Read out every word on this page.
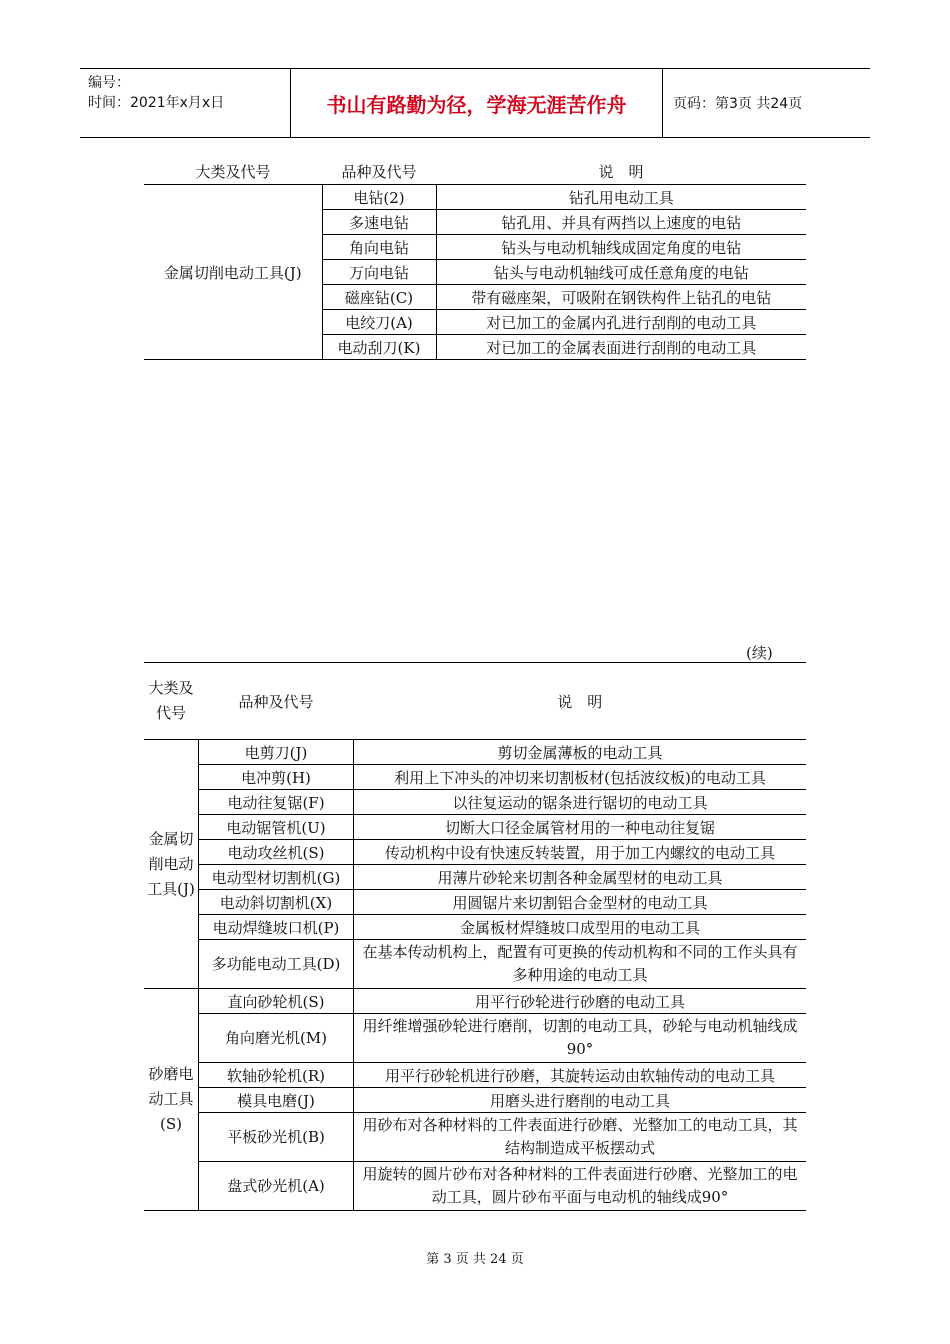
编号：
时间：2021年x月x日	书山有路勤为径，学海无涯苦作舟	页码：第3页 共24页
大类及代号	品种及代号	说　明
金属切削电动工具(J)	电钻(2)	钻孔用电动工具
	多速电钻	钻孔用、并具有两挡以上速度的电钻
	角向电钻	钻头与电动机轴线成固定角度的电钻
	万向电钻	钻头与电动机轴线可成任意角度的电钻
	磁座钻(C)	带有磁座架，可吸附在钢铁构件上钻孔的电钻
	电绞刀(A)	对已加工的金属内孔进行刮削的电动工具
	电动刮刀(K)	对已加工的金属表面进行刮削的电动工具
(续)
大类及代号	品种及代号	说　明

金属切削电动工具(J)	电剪刀(J)	剪切金属薄板的电动工具
	电冲剪(H)	利用上下冲头的冲切来切割板材(包括波纹板)的电动工具
	电动往复锯(F)	以往复运动的锯条进行锯切的电动工具
	电动锯管机(U)	切断大口径金属管材用的一种电动往复锯
	电动攻丝机(S)	传动机构中设有快速反转装置，用于加工内螺纹的电动工具
	电动型材切割机(G)	用薄片砂轮来切割各种金属型材的电动工具
	电动斜切割机(X)	用圆锯片来切割铝合金型材的电动工具
	电动焊缝坡口机(P)	金属板材焊缝坡口成型用的电动工具
	多功能电动工具(D)	在基本传动机构上，配置有可更换的传动机构和不同的工作头具有多种用途的电动工具

砂磨电动工具(S)	直向砂轮机(S)	用平行砂轮进行砂磨的电动工具
	角向磨光机(M)	用纤维增强砂轮进行磨削，切割的电动工具，砂轮与电动机轴线成90°
	软轴砂轮机(R)	用平行砂轮机进行砂磨，其旋转运动由软轴传动的电动工具
	模具电磨(J)	用磨头进行磨削的电动工具
	平板砂光机(B)	用砂布对各种材料的工件表面进行砂磨、光整加工的电动工具，其结构制造成平板摆动式
	盘式砂光机(A)	用旋转的圆片砂布对各种材料的工件表面进行砂磨、光整加工的电动工具，圆片砂布平面与电动机的轴线成90°
第 3 页 共 24 页
